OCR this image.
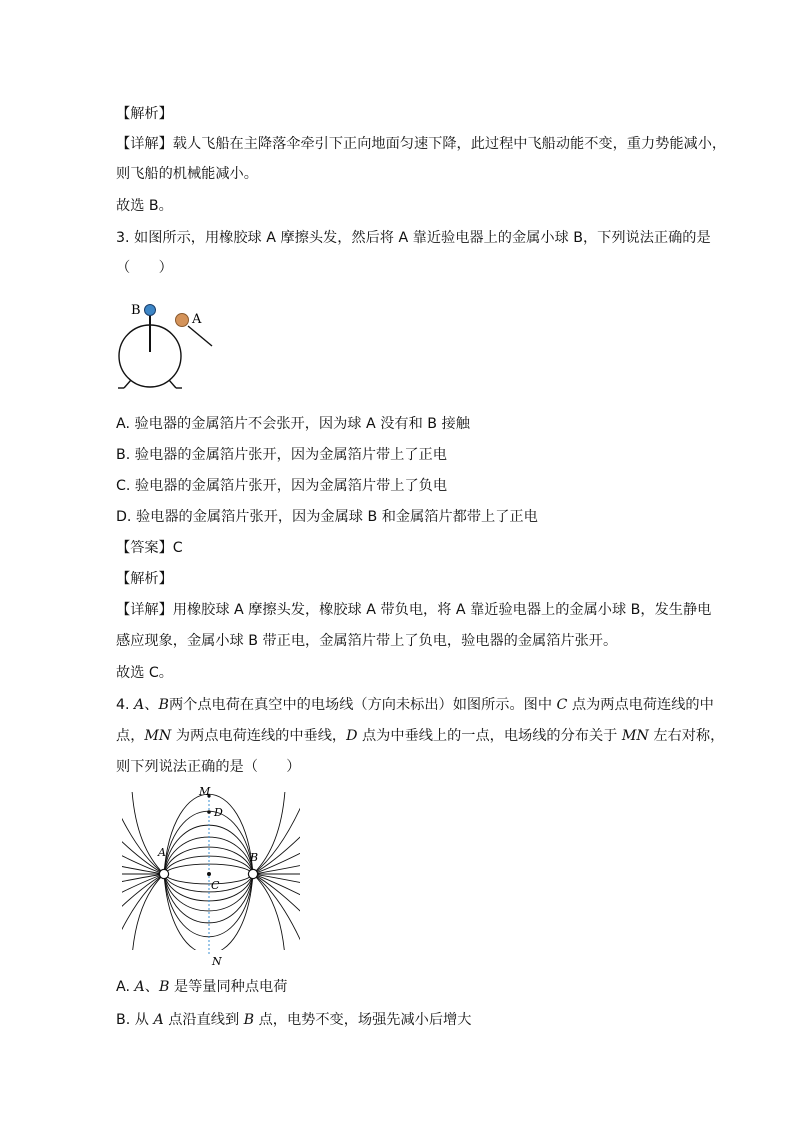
【解析】
【详解】载人飞船在主降落伞牵引下正向地面匀速下降，此过程中飞船动能不变，重力势能减小，
则飞船的机械能减小。
故选 B。
3. 如图所示，用橡胶球 A 摩擦头发，然后将 A 靠近验电器上的金属小球 B，下列说法正确的是
（　　）
B
A
A. 验电器的金属箔片不会张开，因为球 A 没有和 B 接触
B. 验电器的金属箔片张开，因为金属箔片带上了正电
C. 验电器的金属箔片张开，因为金属箔片带上了负电
D. 验电器的金属箔片张开，因为金属球 B 和金属箔片都带上了正电
【答案】C
【解析】
【详解】用橡胶球 A 摩擦头发，橡胶球 A 带负电，将 A 靠近验电器上的金属小球 B，发生静电
感应现象，金属小球 B 带正电，金属箔片带上了负电，验电器的金属箔片张开。
故选 C。
4. A、B两个点电荷在真空中的电场线（方向未标出）如图所示。图中 C 点为两点电荷连线的中
点，MN 为两点电荷连线的中垂线，D 点为中垂线上的一点，电场线的分布关于 MN 左右对称，
则下列说法正确的是（　　）
M
D
A	B
C
N
A. A、B 是等量同种点电荷
B. 从 A 点沿直线到 B 点，电势不变，场强先减小后增大
